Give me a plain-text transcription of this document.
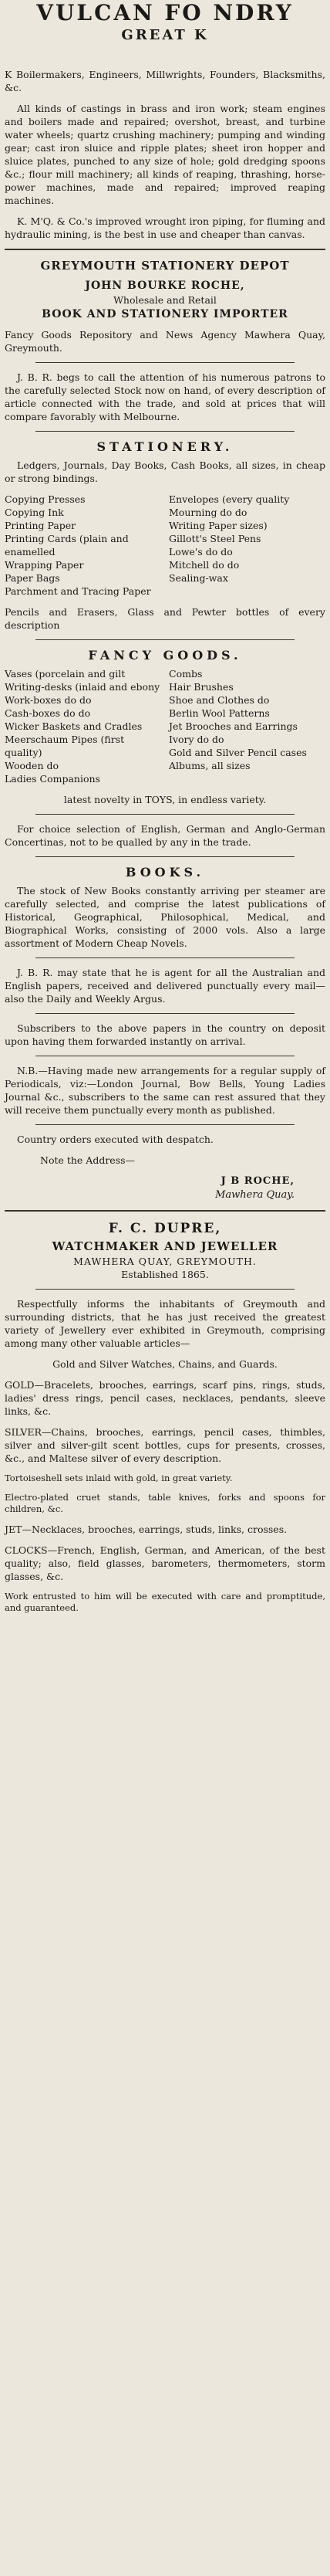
VULCAN FO NDRY

GREAT K

K Boilermakers, Engineers, Millwrights, Founders, Blacksmiths, &c.

All kinds of castings in brass and iron work; steam engines and boilers made and repaired; overshot, breast, and turbine water wheels; quartz crushing machinery; pumping and winding gear; cast iron sluice and ripple plates; sheet iron hopper and sluice plates, punched to any size of hole; gold dredging spoons &c.; flour mill machinery; all kinds of reaping, thrashing, horse-power machines, made and repaired; improved reaping machines.

K. M'Q. & Co.'s improved wrought iron piping, for fluming and hydraulic mining, is the best in use and cheaper than canvas.

GREYMOUTH STATIONERY DEPOT

JOHN BOURKE ROCHE,

Wholesale and Retail

BOOK AND STATIONERY IMPORTER

Fancy Goods Repository and News Agency Mawhera Quay, Greymouth.

J. B. R. begs to call the attention of his numerous patrons to the carefully selected Stock now on hand, of every description of article connected with the trade, and sold at prices that will compare favorably with Melbourne.

STATIONERY.

Ledgers, Journals, Day Books, Cash Books, all sizes, in cheap or strong bindings.

Copying Presses
Copying Ink
Printing Paper
Printing Cards (plain and enamelled
Wrapping Paper
Paper Bags
Parchment and Tracing Paper
Envelopes (every quality
Mourning do do
Writing Paper sizes)
Gillott's Steel Pens
Lowe's do do
Mitchell do do
Sealing-wax

Pencils and Erasers, Glass and Pewter bottles of every description

FANCY GOODS.

Vases (porcelain and gilt
Writing-desks (inlaid and ebony
Work-boxes do do
Cash-boxes do do
Wicker Baskets and Cradles
Meerschaum Pipes (first quality)
Wooden do
Ladies Companions
Combs
Hair Brushes
Shoe and Clothes do
Berlin Wool Patterns
Jet Brooches and Earrings
Ivory do do
Gold and Silver Pencil cases
Albums, all sizes

latest novelty in TOYS, in endless variety.

For choice selection of English, German and Anglo-German Concertinas, not to be qualled by any in the trade.

BOOKS.

The stock of New Books constantly arriving per steamer are carefully selected, and comprise the latest publications of Historical, Geographical, Philosophical, Medical, and Biographical Works, consisting of 2000 vols. Also a large assortment of Modern Cheap Novels.

J. B. R. may state that he is agent for all the Australian and English papers, received and delivered punctually every mail—also the Daily and Weekly Argus.

Subscribers to the above papers in the country on deposit upon having them forwarded instantly on arrival.

N.B.—Having made new arrangements for a regular supply of Periodicals, viz:—London Journal, Bow Bells, Young Ladies Journal &c., subscribers to the same can rest assured that they will receive them punctually every month as published.

Country orders executed with despatch.

Note the Address—

J B ROCHE,
Mawhera Quay.

F. C. DUPRE,

WATCHMAKER AND JEWELLER

MAWHERA QUAY, GREYMOUTH.

Established 1865.

Respectfully informs the inhabitants of Greymouth and surrounding districts, that he has just received the greatest variety of Jewellery ever exhibited in Greymouth, comprising among many other valuable articles—

Gold and Silver Watches, Chains, and Guards.

GOLD—Bracelets, brooches, earrings, scarf pins, rings, studs, ladies' dress rings, pencil cases, necklaces, pendants, sleeve links, &c.

SILVER—Chains, brooches, earrings, pencil cases, thimbles, silver and silver-gilt scent bottles, cups for presents, crosses, &c., and Maltese silver of every description.

Tortoiseshell sets inlaid with gold, in great variety.

Electro-plated cruet stands, table knives, forks and spoons for children, &c.

JET—Necklaces, brooches, earrings, studs, links, crosses.

CLOCKS—French, English, German, and American, of the best quality; also, field glasses, barometers, thermometers, storm glasses, &c.

Work entrusted to him will be executed with care and promptitude, and guaranteed.
